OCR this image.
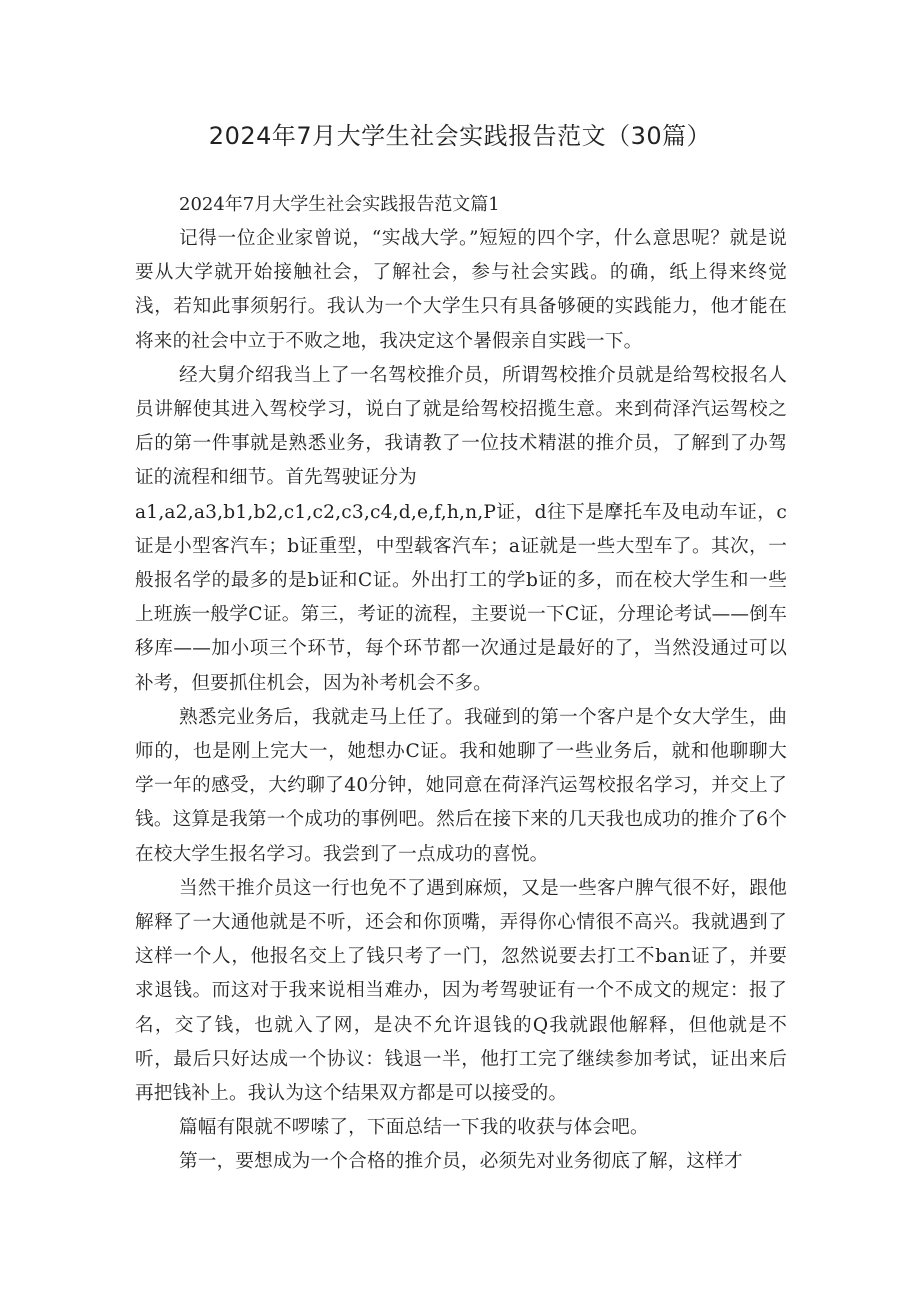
2024年7月大学生社会实践报告范文（30篇）

2024年7月大学生社会实践报告范文篇1

记得一位企业家曾说，“实战大学。”短短的四个字，什么意思呢？就是说要从大学就开始接触社会，了解社会，参与社会实践。的确，纸上得来终觉浅，若知此事须躬行。我认为一个大学生只有具备够硬的实践能力，他才能在将来的社会中立于不败之地，我决定这个暑假亲自实践一下。

经大舅介绍我当上了一名驾校推介员，所谓驾校推介员就是给驾校报名人员讲解使其进入驾校学习，说白了就是给驾校招揽生意。来到荷泽汽运驾校之后的第一件事就是熟悉业务，我请教了一位技术精湛的推介员，了解到了办驾证的流程和细节。首先驾驶证分为

a1,a2,a3,b1,b2,c1,c2,c3,c4,d,e,f,h,n,P证，d往下是摩托车及电动车证，c证是小型客汽车；b证重型，中型载客汽车；a证就是一些大型车了。其次，一般报名学的最多的是b证和C证。外出打工的学b证的多，而在校大学生和一些上班族一般学C证。第三，考证的流程，主要说一下C证，分理论考试——倒车移库——加小项三个环节，每个环节都一次通过是最好的了，当然没通过可以补考，但要抓住机会，因为补考机会不多。

熟悉完业务后，我就走马上任了。我碰到的第一个客户是个女大学生，曲师的，也是刚上完大一，她想办C证。我和她聊了一些业务后，就和他聊聊大学一年的感受，大约聊了40分钟，她同意在荷泽汽运驾校报名学习，并交上了钱。这算是我第一个成功的事例吧。然后在接下来的几天我也成功的推介了6个在校大学生报名学习。我尝到了一点成功的喜悦。

当然干推介员这一行也免不了遇到麻烦，又是一些客户脾气很不好，跟他解释了一大通他就是不听，还会和你顶嘴，弄得你心情很不高兴。我就遇到了这样一个人，他报名交上了钱只考了一门，忽然说要去打工不ban证了，并要求退钱。而这对于我来说相当难办，因为考驾驶证有一个不成文的规定：报了名，交了钱，也就入了网，是决不允许退钱的Q我就跟他解释，但他就是不听，最后只好达成一个协议：钱退一半，他打工完了继续参加考试，证出来后再把钱补上。我认为这个结果双方都是可以接受的。

篇幅有限就不啰嗦了，下面总结一下我的收获与体会吧。

第一，要想成为一个合格的推介员，必须先对业务彻底了解，这样才
